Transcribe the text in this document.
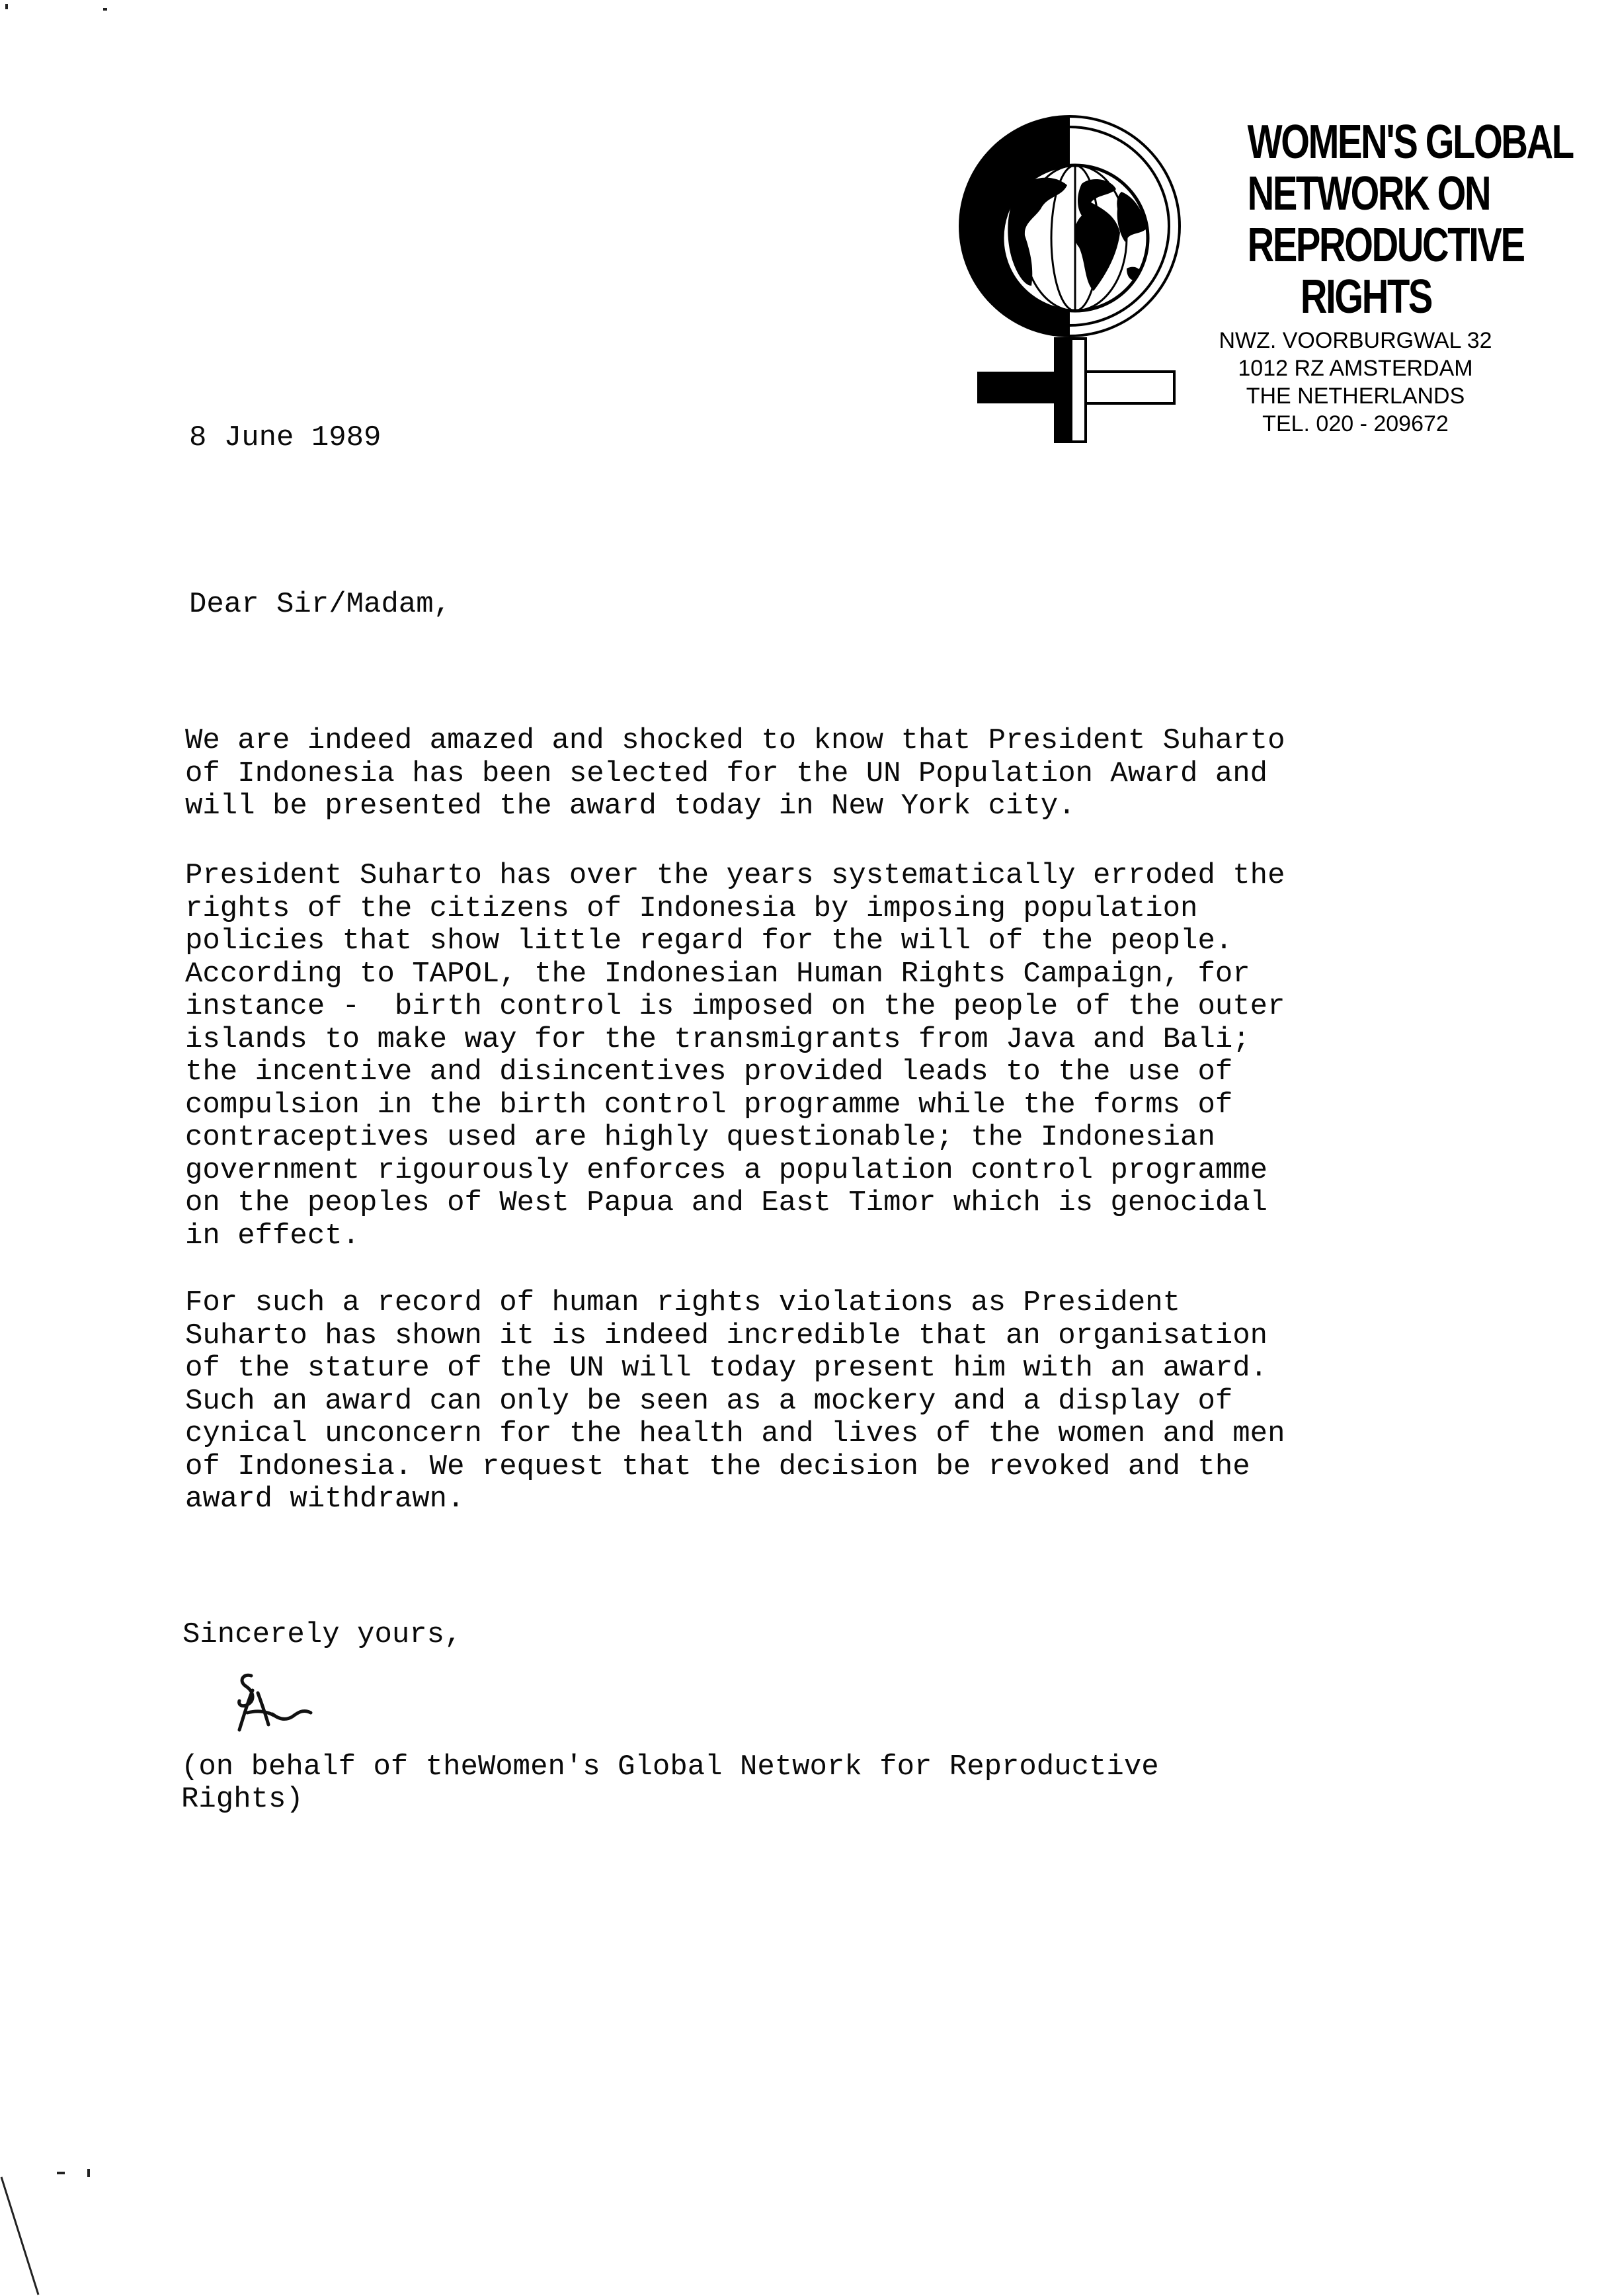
WOMEN'S GLOBAL
NETWORK ON
REPRODUCTIVE
RIGHTS
NWZ. VOORBURGWAL 32
1012 RZ AMSTERDAM
THE NETHERLANDS
TEL. 020 - 209672
8 June 1989
Dear Sir/Madam,
We are indeed amazed and shocked to know that President Suharto
of Indonesia has been selected for the UN Population Award and
will be presented the award today in New York city.
President Suharto has over the years systematically erroded the
rights of the citizens of Indonesia by imposing population
policies that show little regard for the will of the people.
According to TAPOL, the Indonesian Human Rights Campaign, for
instance -  birth control is imposed on the people of the outer
islands to make way for the transmigrants from Java and Bali;
the incentive and disincentives provided leads to the use of
compulsion in the birth control programme while the forms of
contraceptives used are highly questionable; the Indonesian
government rigourously enforces a population control programme
on the peoples of West Papua and East Timor which is genocidal
in effect.
For such a record of human rights violations as President
Suharto has shown it is indeed incredible that an organisation
of the stature of the UN will today present him with an award.
Such an award can only be seen as a mockery and a display of
cynical unconcern for the health and lives of the women and men
of Indonesia. We request that the decision be revoked and the
award withdrawn.
Sincerely yours,
(on behalf of theWomen's Global Network for Reproductive
Rights)
